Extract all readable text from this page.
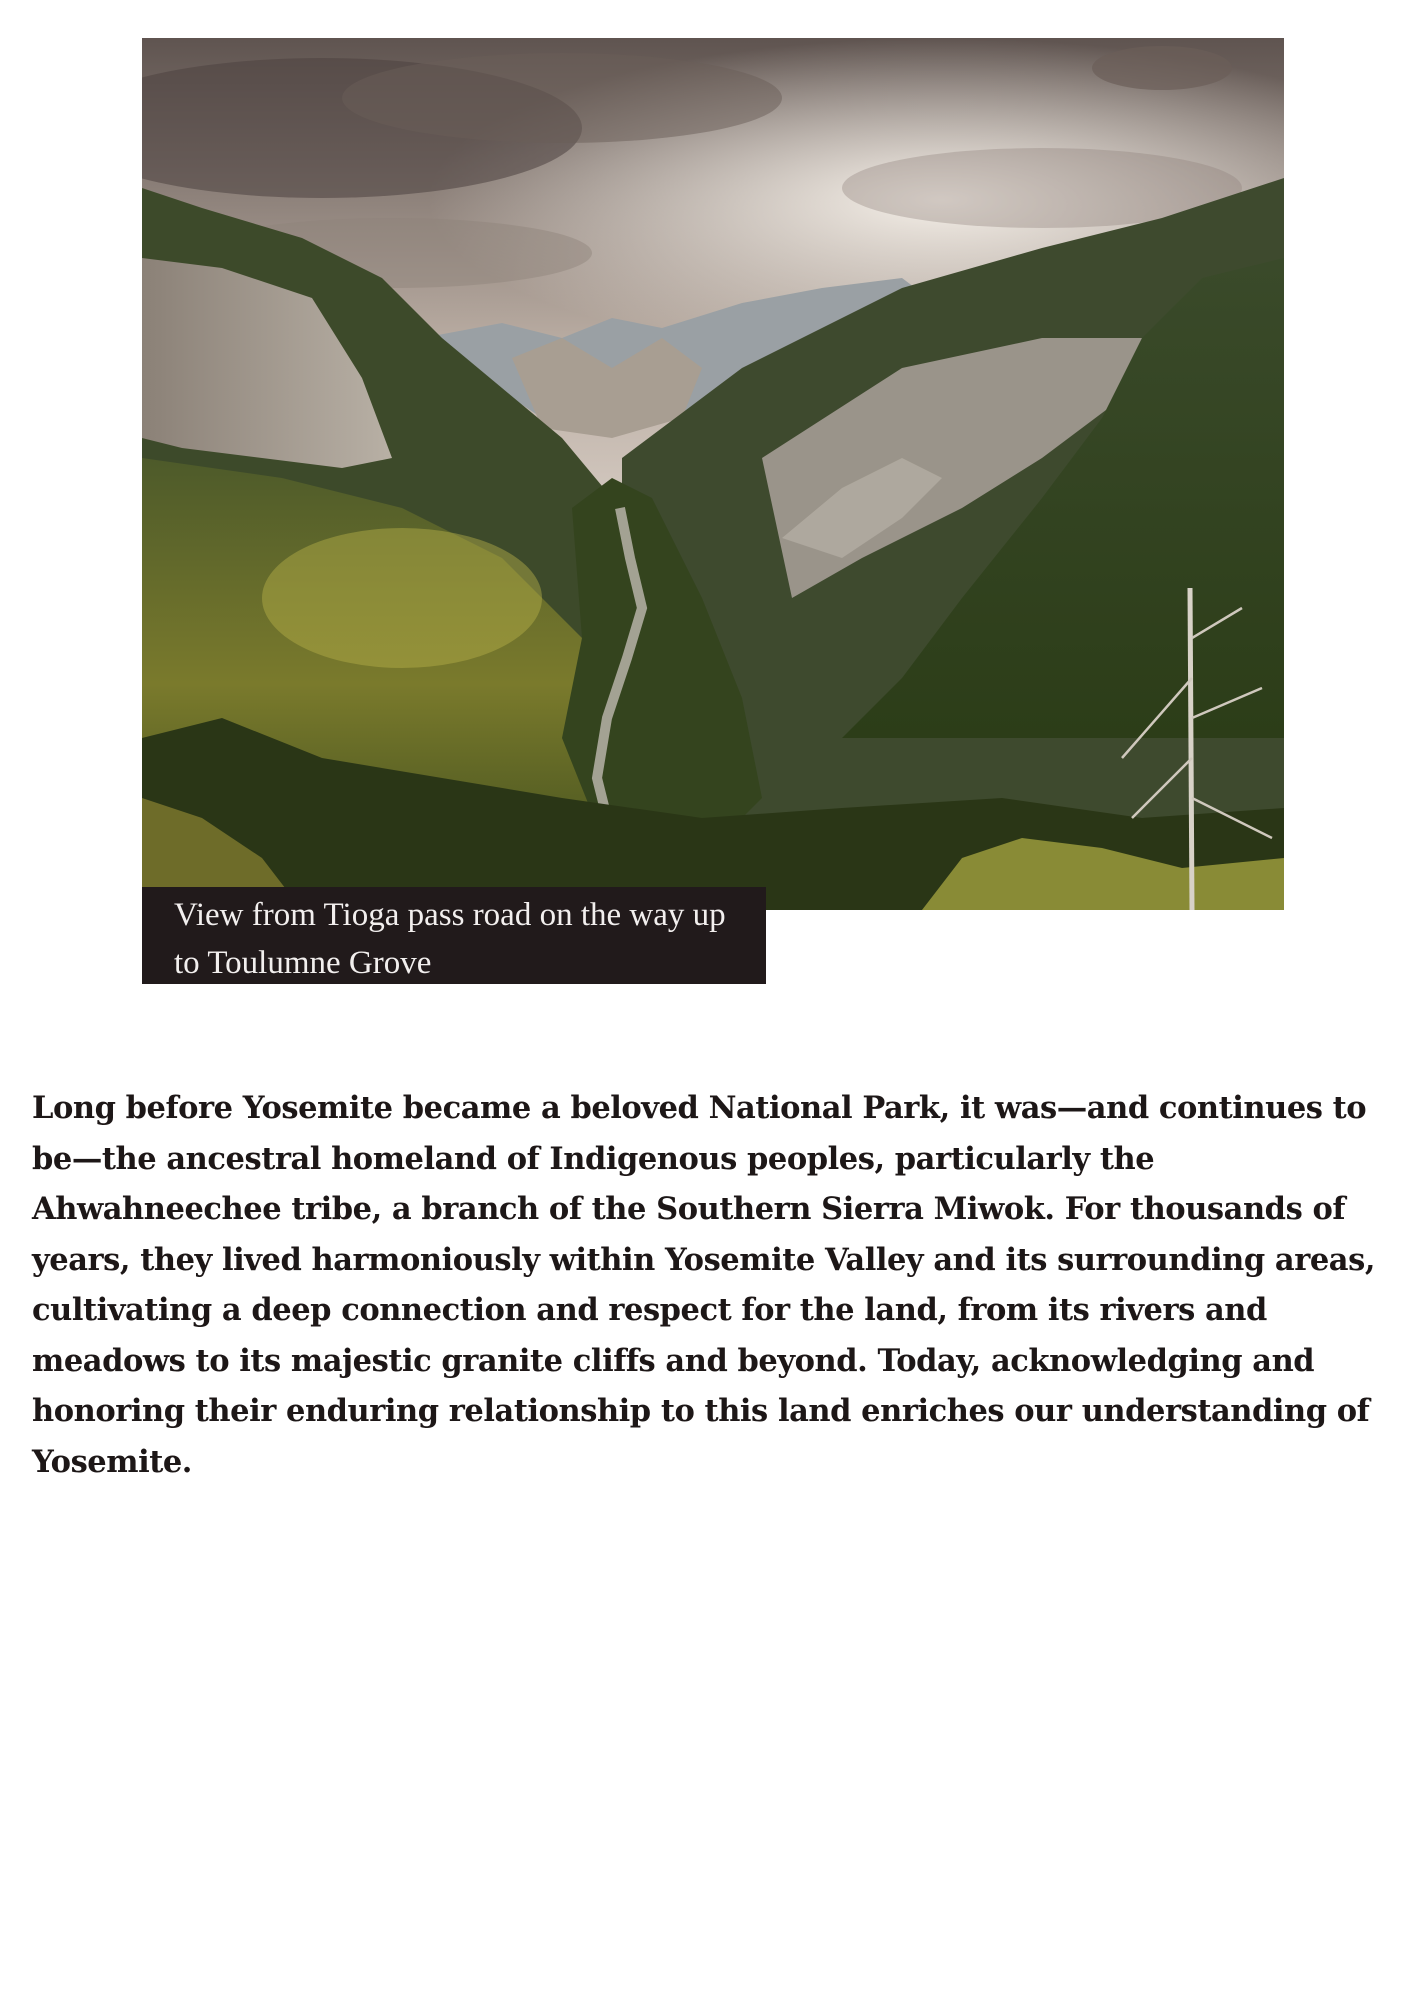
View from Tioga pass road on the way up to Toulumne Grove

Long before Yosemite became a beloved National Park, it was—and continues to be—the ancestral homeland of Indigenous peoples, particularly the Ahwahneechee tribe, a branch of the Southern Sierra Miwok. For thousands of years, they lived harmoniously within Yosemite Valley and its surrounding areas, cultivating a deep connection and respect for the land, from its rivers and meadows to its majestic granite cliffs and beyond. Today, acknowledging and honoring their enduring relationship to this land enriches our understanding of Yosemite.
